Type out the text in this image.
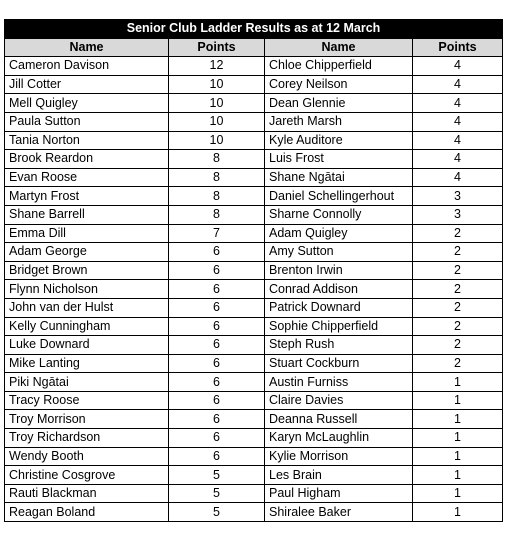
Senior Club Ladder Results as at 12 March			
Name	Points	Name	Points
Cameron Davison	12	Chloe Chipperfield	4
Jill Cotter	10	Corey Neilson	4
Mell Quigley	10	Dean Glennie	4
Paula Sutton	10	Jareth Marsh	4
Tania Norton	10	Kyle Auditore	4
Brook Reardon	8	Luis Frost	4
Evan Roose	8	Shane Ngātai	4
Martyn Frost	8	Daniel Schellingerhout	3
Shane Barrell	8	Sharne Connolly	3
Emma Dill	7	Adam Quigley	2
Adam George	6	Amy Sutton	2
Bridget Brown	6	Brenton Irwin	2
Flynn Nicholson	6	Conrad Addison	2
John van der Hulst	6	Patrick Downard	2
Kelly Cunningham	6	Sophie Chipperfield	2
Luke Downard	6	Steph Rush	2
Mike Lanting	6	Stuart Cockburn	2
Piki Ngātai	6	Austin Furniss	1
Tracy Roose	6	Claire Davies	1
Troy Morrison	6	Deanna Russell	1
Troy Richardson	6	Karyn McLaughlin	1
Wendy Booth	6	Kylie Morrison	1
Christine Cosgrove	5	Les Brain	1
Rauti Blackman	5	Paul Higham	1
Reagan Boland	5	Shiralee Baker	1
